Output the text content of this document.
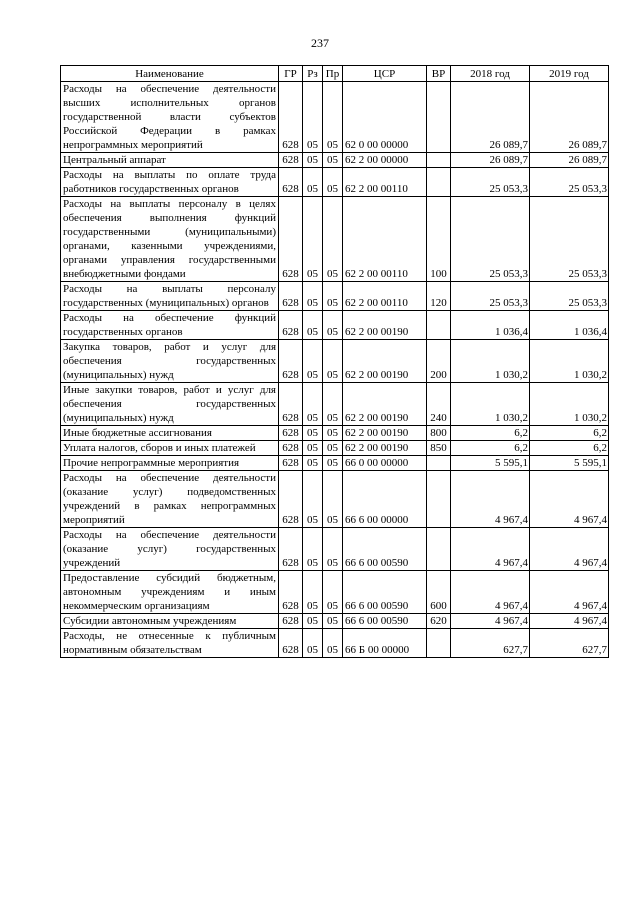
237
Наименование	ГР	Рз	Пр	ЦСР	ВР	2018 год	2019 год
Расходы на обеспечение деятельности высших исполнительных органов государственной власти субъектов Российской Федерации в рамках непрограммных мероприятий	628	05	05	62 0 00 00000		26 089,7	26 089,7
Центральный аппарат	628	05	05	62 2 00 00000		26 089,7	26 089,7
Расходы на выплаты по оплате труда работников государственных органов	628	05	05	62 2 00 00110		25 053,3	25 053,3
Расходы на выплаты персоналу в целях обеспечения выполнения функций государственными (муниципальными) органами, казенными учреждениями, органами управления государственными внебюджетными фондами	628	05	05	62 2 00 00110	100	25 053,3	25 053,3
Расходы на выплаты персоналу государственных (муниципальных) органов	628	05	05	62 2 00 00110	120	25 053,3	25 053,3
Расходы на обеспечение функций государственных органов	628	05	05	62 2 00 00190		1 036,4	1 036,4
Закупка товаров, работ и услуг для обеспечения государственных (муниципальных) нужд	628	05	05	62 2 00 00190	200	1 030,2	1 030,2
Иные закупки товаров, работ и услуг для обеспечения государственных (муниципальных) нужд	628	05	05	62 2 00 00190	240	1 030,2	1 030,2
Иные бюджетные ассигнования	628	05	05	62 2 00 00190	800	6,2	6,2
Уплата налогов, сборов и иных платежей	628	05	05	62 2 00 00190	850	6,2	6,2
Прочие непрограммные мероприятия	628	05	05	66 0 00 00000		5 595,1	5 595,1
Расходы на обеспечение деятельности (оказание услуг) подведомственных учреждений в рамках непрограммных мероприятий	628	05	05	66 6 00 00000		4 967,4	4 967,4
Расходы на обеспечение деятельности (оказание услуг) государственных учреждений	628	05	05	66 6 00 00590		4 967,4	4 967,4
Предоставление субсидий бюджетным, автономным учреждениям и иным некоммерческим организациям	628	05	05	66 6 00 00590	600	4 967,4	4 967,4
Субсидии автономным учреждениям	628	05	05	66 6 00 00590	620	4 967,4	4 967,4
Расходы, не отнесенные к публичным нормативным обязательствам	628	05	05	66 Б 00 00000		627,7	627,7
